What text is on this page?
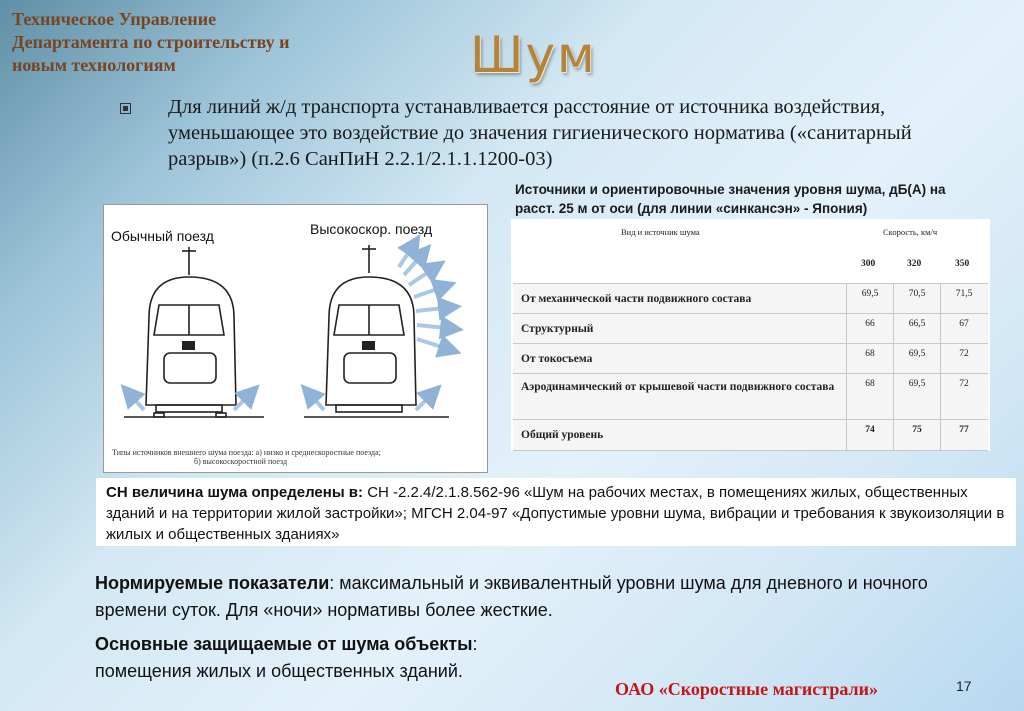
Техническое Управление
Департамента по строительству и
новым технологиям	Шум
Для линий ж/д транспорта устанавливается расстояние от источника воздействия, уменьшающее это воздействие до значения гигиенического норматива («санитарный разрыв») (п.2.6 СанПиН 2.2.1/2.1.1.1200-03)
Источники и ориентировочные значения уровня шума, дБ(А) на расст. 25 м от оси (для линии «синкансэн» - Япония)
Обычный поезд	Высокоскор. поезд
Типы источников внешнего шума поезда: а) низко и среднескоростные поезда;
б) высокоскоростной поезд
Вид и источник шума	Скорость, км/ч
300	320	350
От механической части подвижного состава	69,5	70,5	71,5
Структурный	66	66,5	67
От токосъема	68	69,5	72
Аэродинамический от крышевой части подвижного состава	68	69,5	72
Общий уровень	74	75	77

СН величина шума определены в: СН -2.2.4/2.1.8.562-96 «Шум на рабочих местах, в помещениях жилых, общественных зданий и на территории жилой застройки»; МГСН 2.04-97 «Допустимые уровни шума, вибрации и требования к звукоизоляции в жилых и общественных зданиях»

Нормируемые показатели: максимальный и эквивалентный уровни шума для дневного и ночного времени суток. Для «ночи» нормативы более жесткие.
Основные защищаемые от шума объекты:
помещения жилых и общественных зданий.
ОАО «Скоростные магистрали»	17
